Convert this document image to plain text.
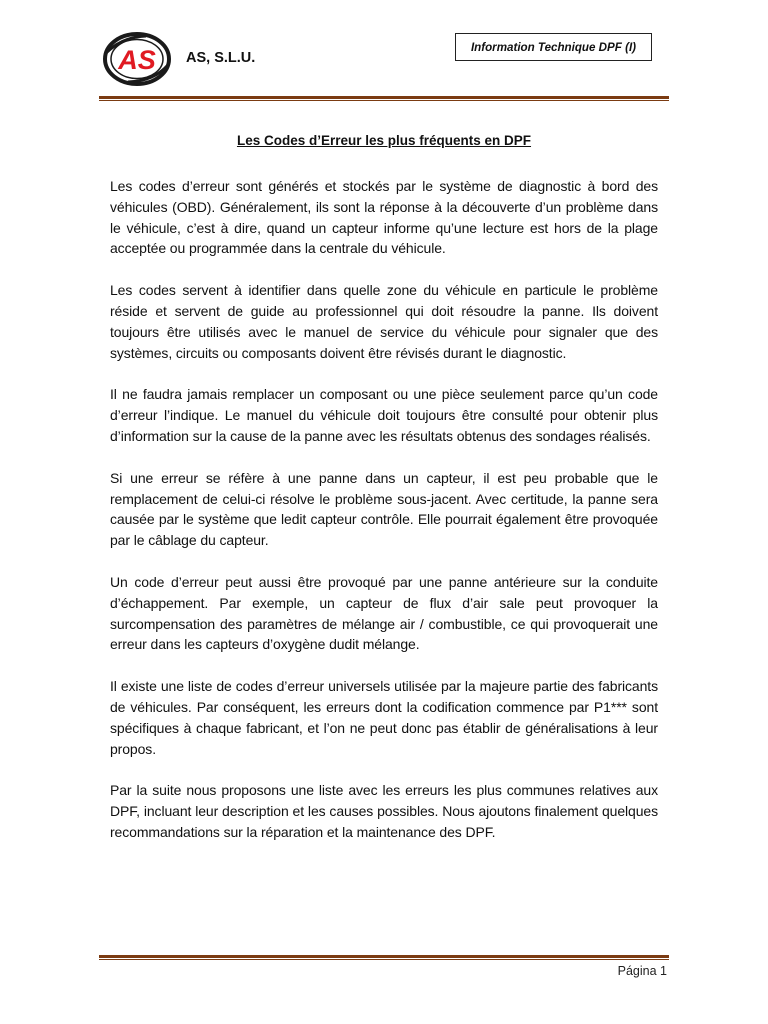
AS AS, S.L.U.
Information Technique DPF (I)
Les Codes d’Erreur les plus fréquents en DPF

Les codes d’erreur sont générés et stockés par le système de diagnostic à bord des véhicules (OBD). Généralement, ils sont la réponse à la découverte d’un problème dans le véhicule, c’est à dire, quand un capteur informe qu’une lecture est hors de la plage acceptée ou programmée dans la centrale du véhicule.

Les codes servent à identifier dans quelle zone du véhicule en particule le problème réside et servent de guide au professionnel qui doit résoudre la panne. Ils doivent toujours être utilisés avec le manuel de service du véhicule pour signaler que des systèmes, circuits ou composants doivent être révisés durant le diagnostic.

Il ne faudra jamais remplacer un composant ou une pièce seulement parce qu’un code d’erreur l’indique. Le manuel du véhicule doit toujours être consulté pour obtenir plus d’information sur la cause de la panne avec les résultats obtenus des sondages réalisés.

Si une erreur se réfère à une panne dans un capteur, il est peu probable que le remplacement de celui-ci résolve le problème sous-jacent. Avec certitude, la panne sera causée par le système que ledit capteur contrôle. Elle pourrait également être provoquée par le câblage du capteur.

Un code d’erreur peut aussi être provoqué par une panne antérieure sur la conduite d’échappement. Par exemple, un capteur de flux d’air sale peut provoquer la surcompensation des paramètres de mélange air / combustible, ce qui provoquerait une erreur dans les capteurs d’oxygène dudit mélange.

Il existe une liste de codes d’erreur universels utilisée par la majeure partie des fabricants de véhicules. Par conséquent, les erreurs dont la codification commence par P1*** sont spécifiques à chaque fabricant, et l’on ne peut donc pas établir de généralisations à leur propos.

Par la suite nous proposons une liste avec les erreurs les plus communes relatives aux DPF, incluant leur description et les causes possibles. Nous ajoutons finalement quelques recommandations sur la réparation et la maintenance des DPF.

Página 1
